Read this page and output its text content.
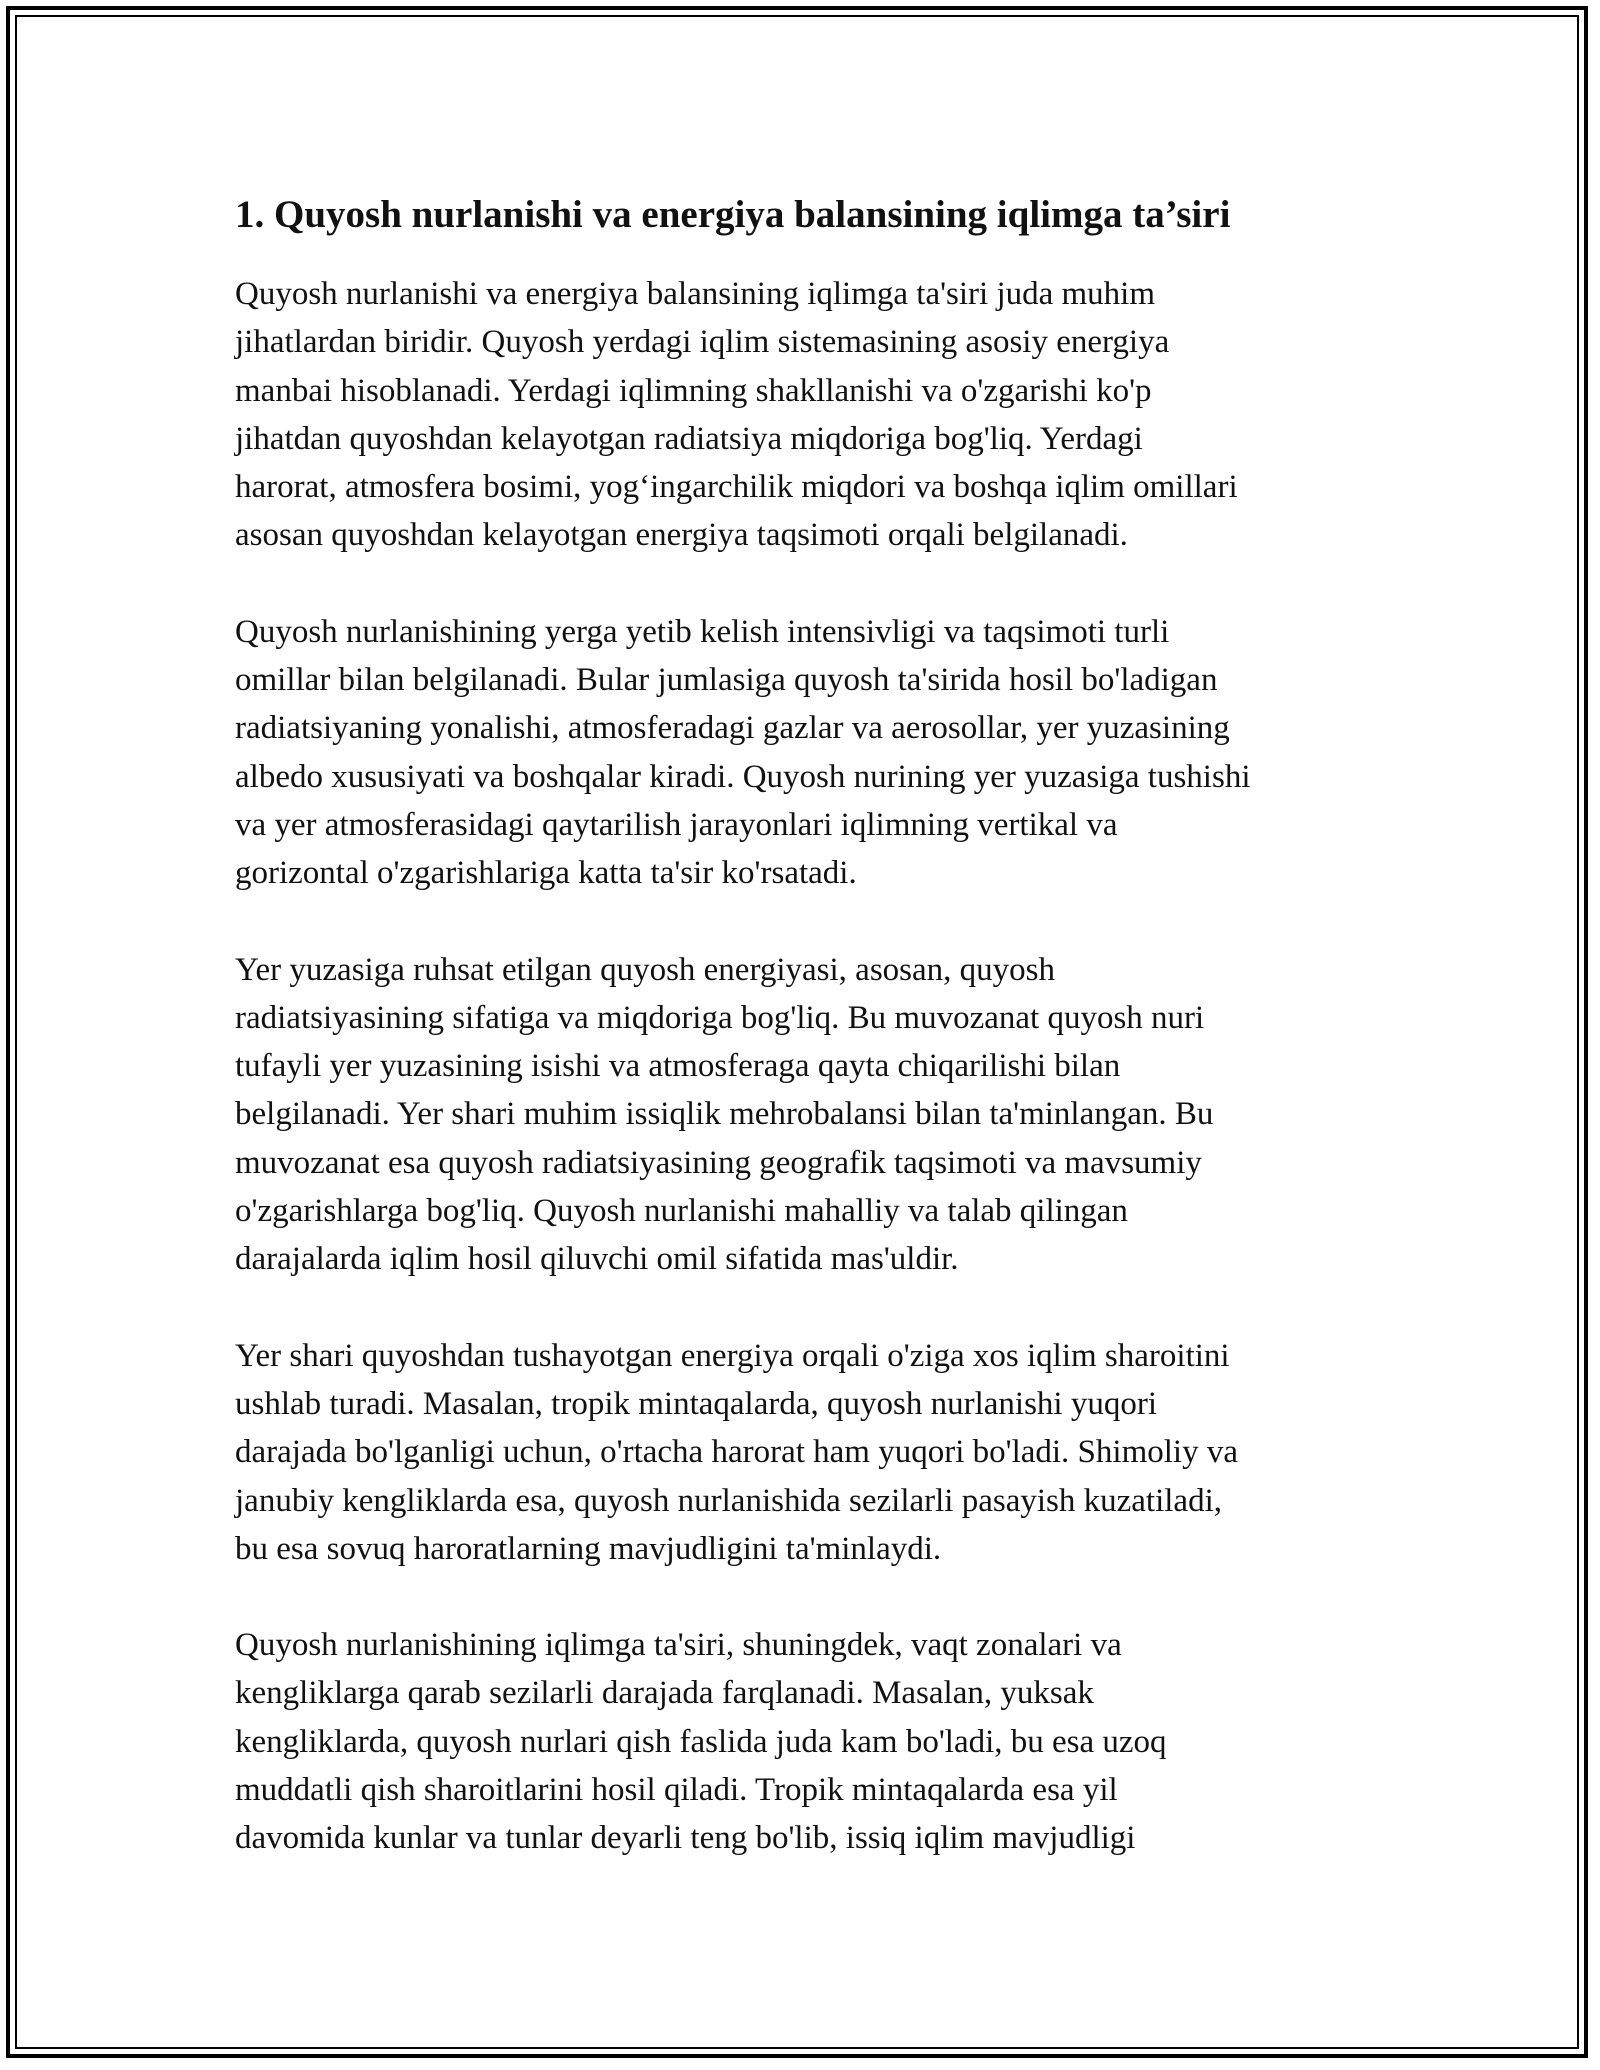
1. Quyosh nurlanishi va energiya balansining iqlimga ta’siri

Quyosh nurlanishi va energiya balansining iqlimga ta'siri juda muhim
jihatlardan biridir. Quyosh yerdagi iqlim sistemasining asosiy energiya
manbai hisoblanadi. Yerdagi iqlimning shakllanishi va o'zgarishi ko'p
jihatdan quyoshdan kelayotgan radiatsiya miqdoriga bog'liq. Yerdagi
harorat, atmosfera bosimi, yog‘ingarchilik miqdori va boshqa iqlim omillari
asosan quyoshdan kelayotgan energiya taqsimoti orqali belgilanadi.

Quyosh nurlanishining yerga yetib kelish intensivligi va taqsimoti turli
omillar bilan belgilanadi. Bular jumlasiga quyosh ta'sirida hosil bo'ladigan
radiatsiyaning yonalishi, atmosferadagi gazlar va aerosollar, yer yuzasining
albedo xususiyati va boshqalar kiradi. Quyosh nurining yer yuzasiga tushishi
va yer atmosferasidagi qaytarilish jarayonlari iqlimning vertikal va
gorizontal o'zgarishlariga katta ta'sir ko'rsatadi.

Yer yuzasiga ruhsat etilgan quyosh energiyasi, asosan, quyosh
radiatsiyasining sifatiga va miqdoriga bog'liq. Bu muvozanat quyosh nuri
tufayli yer yuzasining isishi va atmosferaga qayta chiqarilishi bilan
belgilanadi. Yer shari muhim issiqlik mehrobalansi bilan ta'minlangan. Bu
muvozanat esa quyosh radiatsiyasining geografik taqsimoti va mavsumiy
o'zgarishlarga bog'liq. Quyosh nurlanishi mahalliy va talab qilingan
darajalarda iqlim hosil qiluvchi omil sifatida mas'uldir.

Yer shari quyoshdan tushayotgan energiya orqali o'ziga xos iqlim sharoitini
ushlab turadi. Masalan, tropik mintaqalarda, quyosh nurlanishi yuqori
darajada bo'lganligi uchun, o'rtacha harorat ham yuqori bo'ladi. Shimoliy va
janubiy kengliklarda esa, quyosh nurlanishida sezilarli pasayish kuzatiladi,
bu esa sovuq haroratlarning mavjudligini ta'minlaydi.

Quyosh nurlanishining iqlimga ta'siri, shuningdek, vaqt zonalari va
kengliklarga qarab sezilarli darajada farqlanadi. Masalan, yuksak
kengliklarda, quyosh nurlari qish faslida juda kam bo'ladi, bu esa uzoq
muddatli qish sharoitlarini hosil qiladi. Tropik mintaqalarda esa yil
davomida kunlar va tunlar deyarli teng bo'lib, issiq iqlim mavjudligi
